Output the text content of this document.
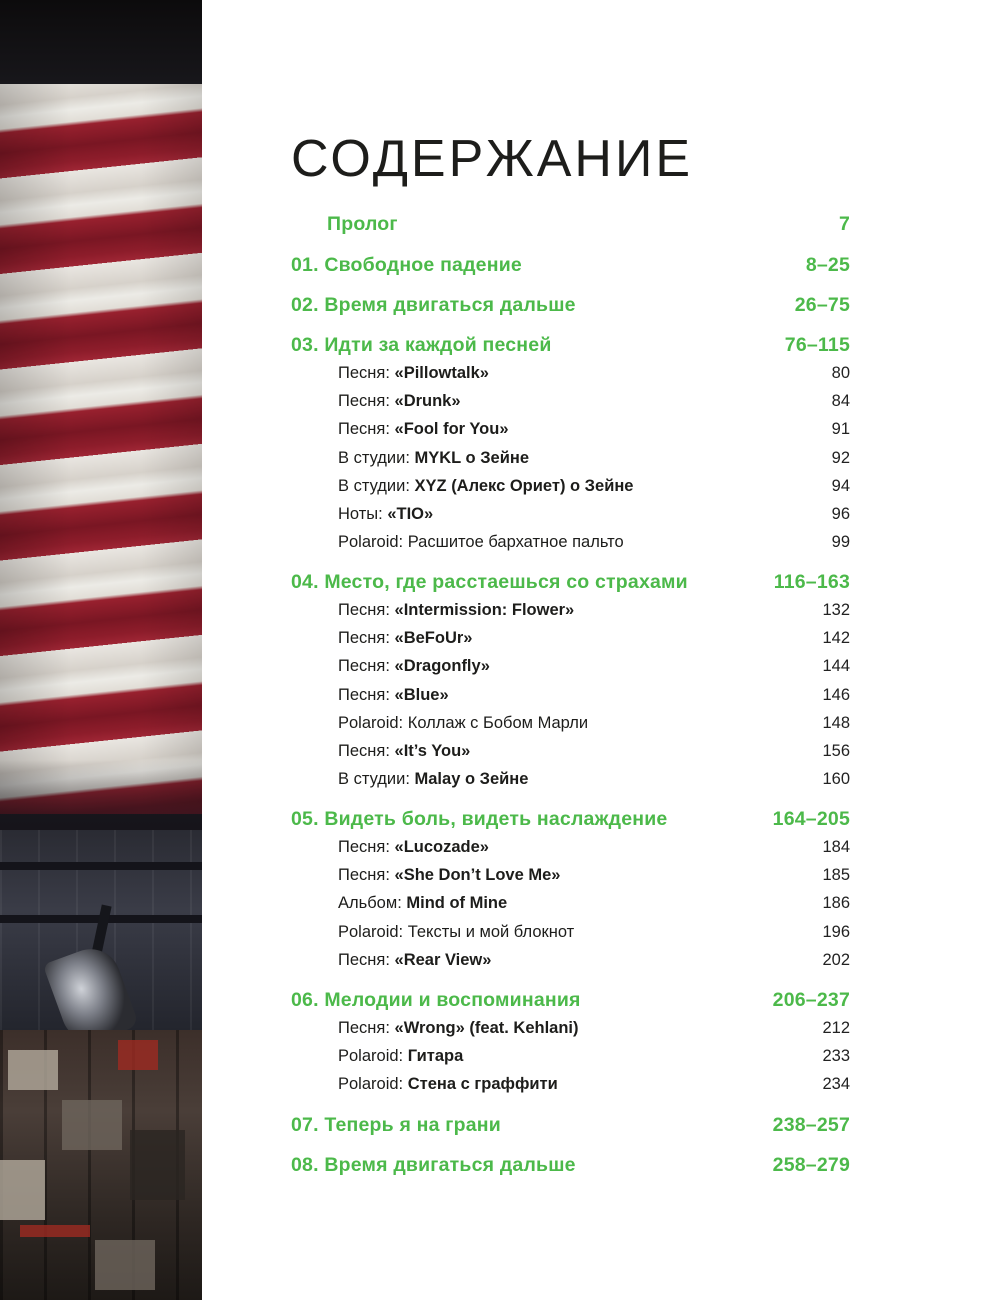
СОДЕРЖАНИЕ
Пролог	7
01. Свободное падение	8–25
02. Время двигаться дальше	26–75
03. Идти за каждой песней	76–115
Песня: «Pillowtalk»	80
Песня: «Drunk»	84
Песня: «Fool for You»	91
В студии: MYKL о Зейне	92
В студии: XYZ (Алекс Ориет) о Зейне	94
Ноты: «TIO»	96
Polaroid: Расшитое бархатное пальто	99
04. Место, где расстаешься со страхами	116–163
Песня: «Intermission: Flower»	132
Песня: «BeFoUr»	142
Песня: «Dragonfly»	144
Песня: «Blue»	146
Polaroid: Коллаж с Бобом Марли	148
Песня: «It’s You»	156
В студии: Malay о Зейне	160
05. Видеть боль, видеть наслаждение	164–205
Песня: «Lucozade»	184
Песня: «She Don’t Love Me»	185
Альбом: Mind of Mine	186
Polaroid: Тексты и мой блокнот	196
Песня: «Rear View»	202
06. Мелодии и воспоминания	206–237
Песня: «Wrong» (feat. Kehlani)	212
Polaroid: Гитара	233
Polaroid: Стена с граффити	234
07. Теперь я на грани	238–257
08. Время двигаться дальше	258–279
